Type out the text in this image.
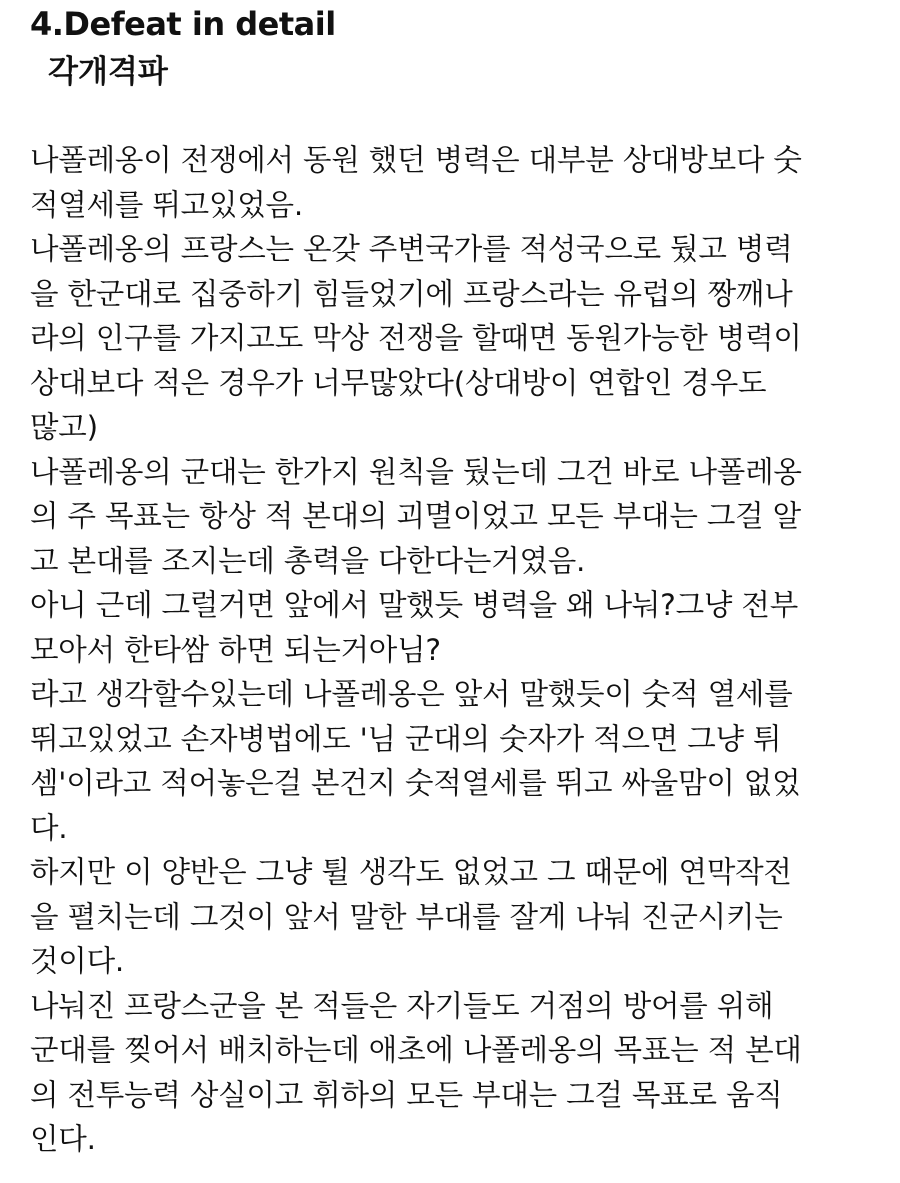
4.Defeat in detail
각개격파
나폴레옹이 전쟁에서 동원 했던 병력은 대부분 상대방보다 숫
적열세를 뛰고있었음.
나폴레옹의 프랑스는 온갖 주변국가를 적성국으로 뒀고 병력
을 한군대로 집중하기 힘들었기에 프랑스라는 유럽의 짱깨나
라의 인구를 가지고도 막상 전쟁을 할때면 동원가능한 병력이
상대보다 적은 경우가 너무많았다(상대방이 연합인 경우도
많고)
나폴레옹의 군대는 한가지 원칙을 뒀는데 그건 바로 나폴레옹
의 주 목표는 항상 적 본대의 괴멸이었고 모든 부대는 그걸 알
고 본대를 조지는데 총력을 다한다는거였음.
아니 근데 그럴거면 앞에서 말했듯 병력을 왜 나눠?그냥 전부
모아서 한타쌈 하면 되는거아님?
라고 생각할수있는데 나폴레옹은 앞서 말했듯이 숫적 열세를
뛰고있었고 손자병법에도 '님 군대의 숫자가 적으면 그냥 튀
셈'이라고 적어놓은걸 본건지 숫적열세를 뛰고 싸울맘이 없었
다.
하지만 이 양반은 그냥 튈 생각도 없었고 그 때문에 연막작전
을 펼치는데 그것이 앞서 말한 부대를 잘게 나눠 진군시키는
것이다.
나눠진 프랑스군을 본 적들은 자기들도 거점의 방어를 위해
군대를 찢어서 배치하는데 애초에 나폴레옹의 목표는 적 본대
의 전투능력 상실이고 휘하의 모든 부대는 그걸 목표로 움직
인다.
